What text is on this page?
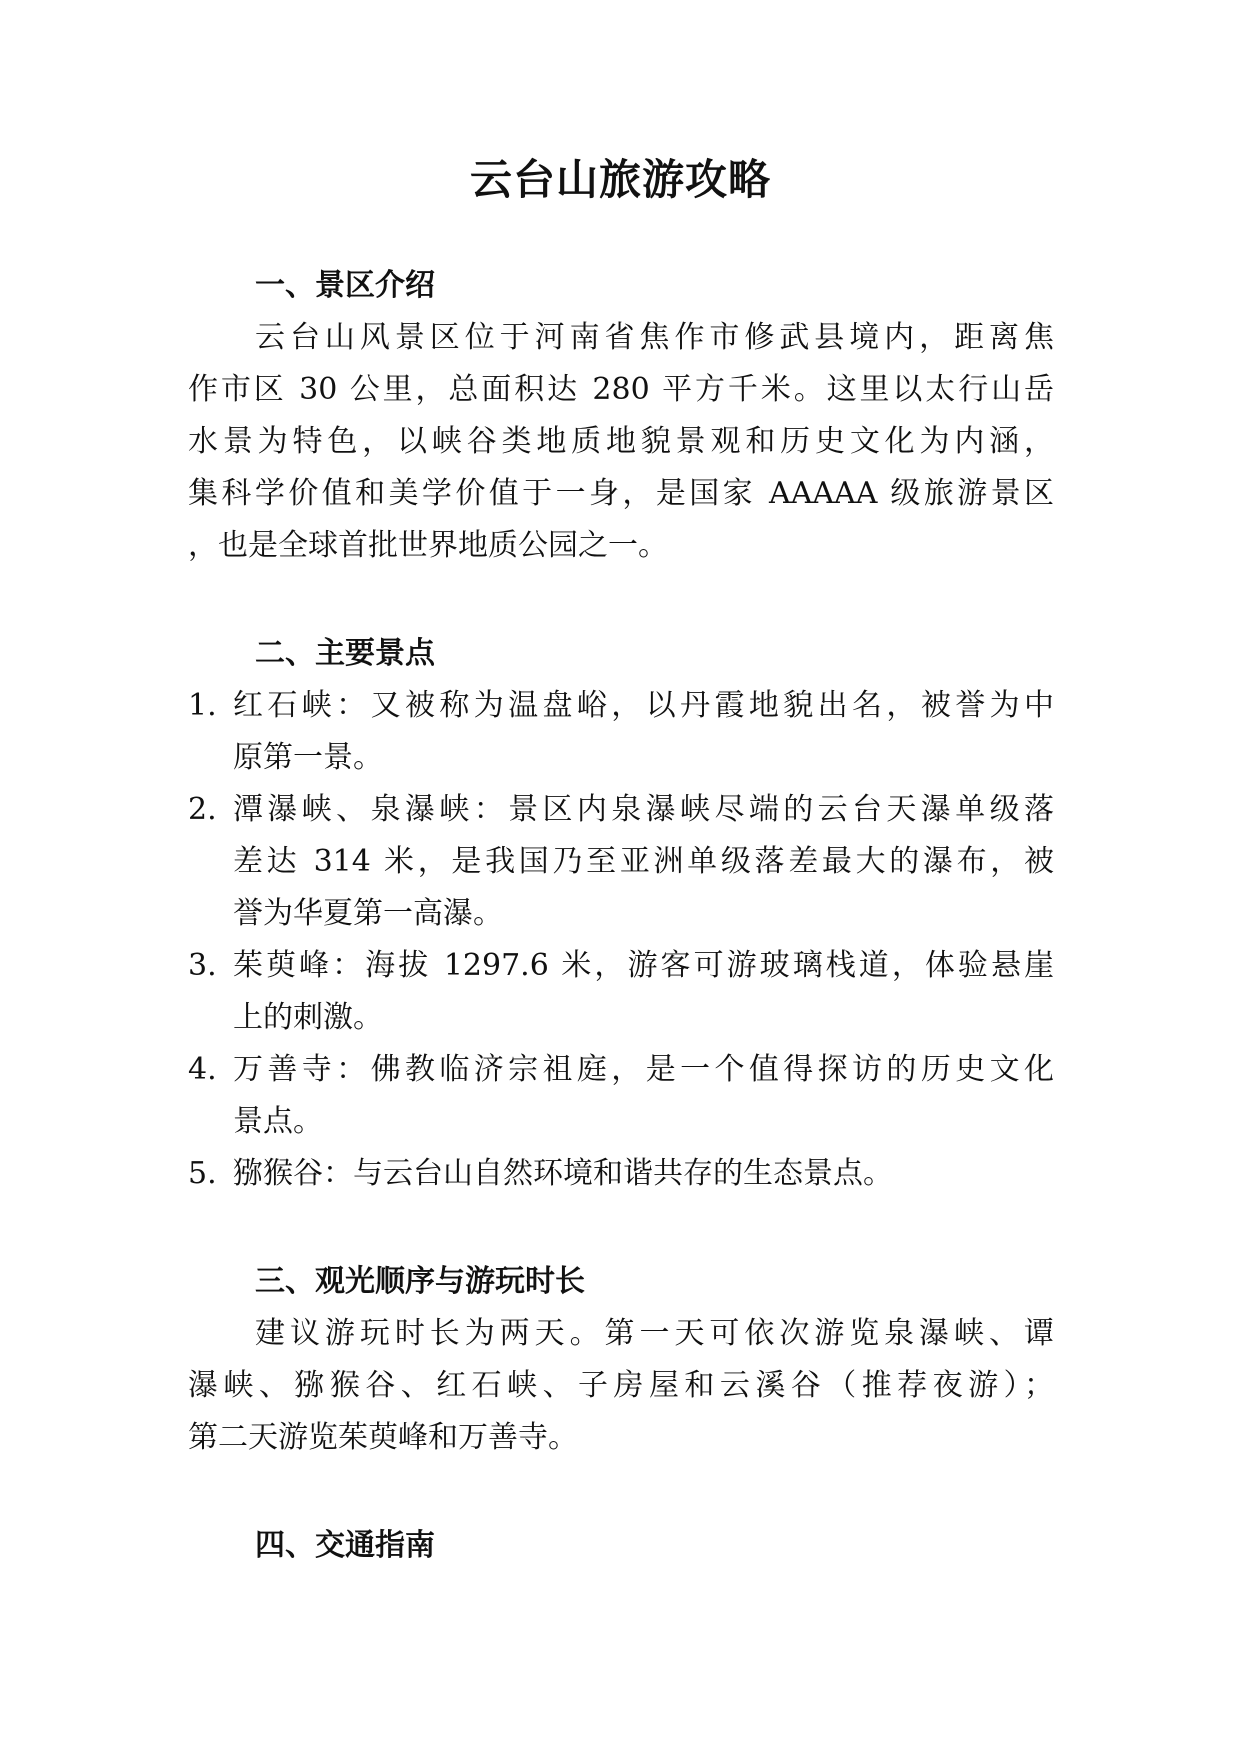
云台山旅游攻略
一、景区介绍
云台山风景区位于河南省焦作市修武县境内，距离焦
作市区 30 公里，总面积达 280 平方千米。这里以太行山岳
水景为特色，以峡谷类地质地貌景观和历史文化为内涵，
集科学价值和美学价值于一身，是国家 AAAAA 级旅游景区
，也是全球首批世界地质公园之一。
二、主要景点
1. 红石峡：又被称为温盘峪，以丹霞地貌出名，被誉为中
原第一景。
2. 潭瀑峡、泉瀑峡：景区内泉瀑峡尽端的云台天瀑单级落
差达 314 米，是我国乃至亚洲单级落差最大的瀑布，被
誉为华夏第一高瀑。
3. 茱萸峰：海拔 1297.6 米，游客可游玻璃栈道，体验悬崖
上的刺激。
4. 万善寺：佛教临济宗祖庭，是一个值得探访的历史文化
景点。
5. 猕猴谷：与云台山自然环境和谐共存的生态景点。
三、观光顺序与游玩时长
建议游玩时长为两天。第一天可依次游览泉瀑峡、谭
瀑峡、猕猴谷、红石峡、子房屋和云溪谷（推荐夜游）；
第二天游览茱萸峰和万善寺。
四、交通指南
